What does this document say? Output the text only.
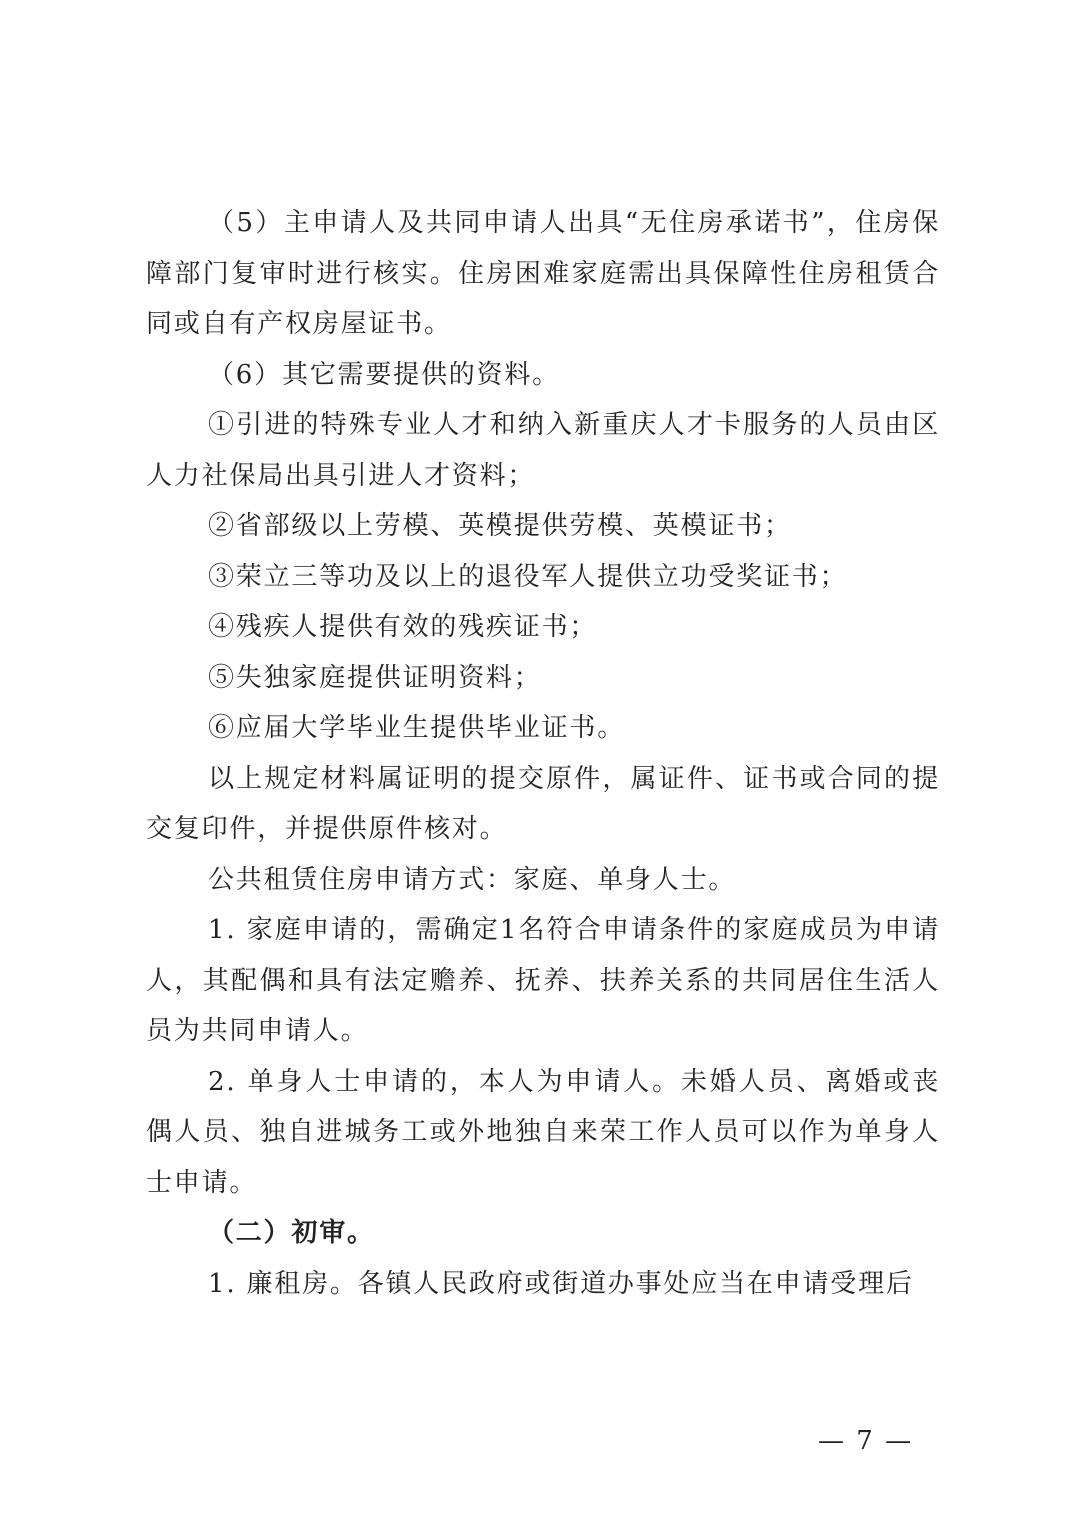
（5）主申请人及共同申请人出具“无住房承诺书”，住房保障部门复审时进行核实。住房困难家庭需出具保障性住房租赁合同或自有产权房屋证书。

（6）其它需要提供的资料。

①引进的特殊专业人才和纳入新重庆人才卡服务的人员由区人力社保局出具引进人才资料；

②省部级以上劳模、英模提供劳模、英模证书；

③荣立三等功及以上的退役军人提供立功受奖证书；

④残疾人提供有效的残疾证书；

⑤失独家庭提供证明资料；

⑥应届大学毕业生提供毕业证书。

以上规定材料属证明的提交原件，属证件、证书或合同的提交复印件，并提供原件核对。

公共租赁住房申请方式：家庭、单身人士。

1. 家庭申请的，需确定1名符合申请条件的家庭成员为申请人，其配偶和具有法定赡养、抚养、扶养关系的共同居住生活人员为共同申请人。

2. 单身人士申请的，本人为申请人。未婚人员、离婚或丧偶人员、独自进城务工或外地独自来荣工作人员可以作为单身人士申请。

（二）初审。

1. 廉租房。各镇人民政府或街道办事处应当在申请受理后

— 7 —
